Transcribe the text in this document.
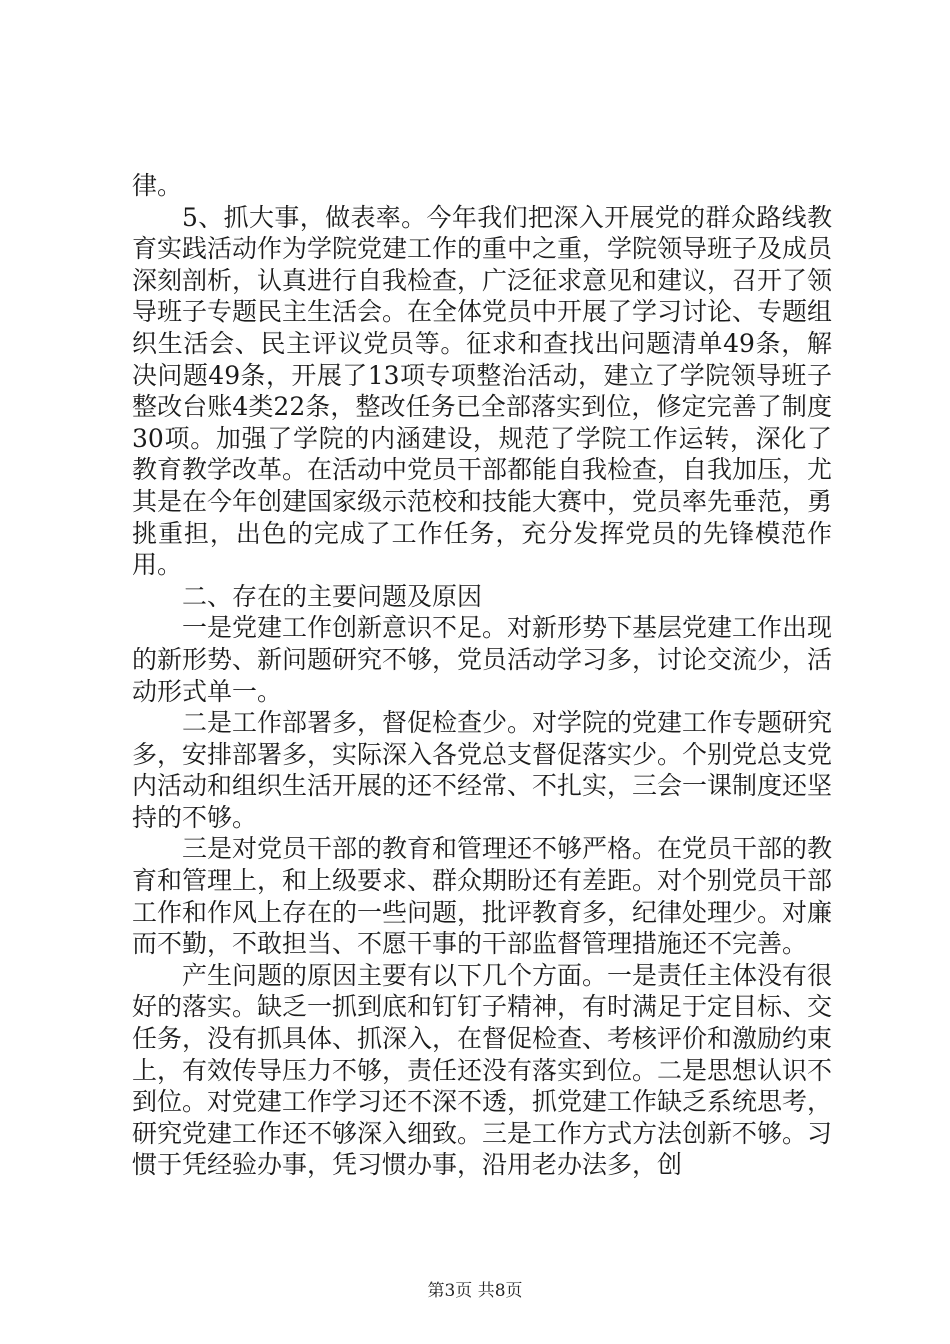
律。

5、抓大事，做表率。今年我们把深入开展党的群众路线教育实践活动作为学院党建工作的重中之重，学院领导班子及成员深刻剖析，认真进行自我检查，广泛征求意见和建议，召开了领导班子专题民主生活会。在全体党员中开展了学习讨论、专题组织生活会、民主评议党员等。征求和查找出问题清单49条，解决问题49条，开展了13项专项整治活动，建立了学院领导班子整改台账4类22条，整改任务已全部落实到位，修定完善了制度30项。加强了学院的内涵建设，规范了学院工作运转，深化了教育教学改革。在活动中党员干部都能自我检查，自我加压，尤其是在今年创建国家级示范校和技能大赛中，党员率先垂范，勇挑重担，出色的完成了工作任务，充分发挥党员的先锋模范作用。

二、存在的主要问题及原因

一是党建工作创新意识不足。对新形势下基层党建工作出现的新形势、新问题研究不够，党员活动学习多，讨论交流少，活动形式单一。

二是工作部署多，督促检查少。对学院的党建工作专题研究多，安排部署多，实际深入各党总支督促落实少。个别党总支党内活动和组织生活开展的还不经常、不扎实，三会一课制度还坚持的不够。

三是对党员干部的教育和管理还不够严格。在党员干部的教育和管理上，和上级要求、群众期盼还有差距。对个别党员干部工作和作风上存在的一些问题，批评教育多，纪律处理少。对廉而不勤，不敢担当、不愿干事的干部监督管理措施还不完善。

产生问题的原因主要有以下几个方面。一是责任主体没有很好的落实。缺乏一抓到底和钉钉子精神，有时满足于定目标、交任务，没有抓具体、抓深入，在督促检查、考核评价和激励约束上，有效传导压力不够，责任还没有落实到位。二是思想认识不到位。对党建工作学习还不深不透，抓党建工作缺乏系统思考，研究党建工作还不够深入细致。三是工作方式方法创新不够。习惯于凭经验办事，凭习惯办事，沿用老办法多，创

第3页 共8页
